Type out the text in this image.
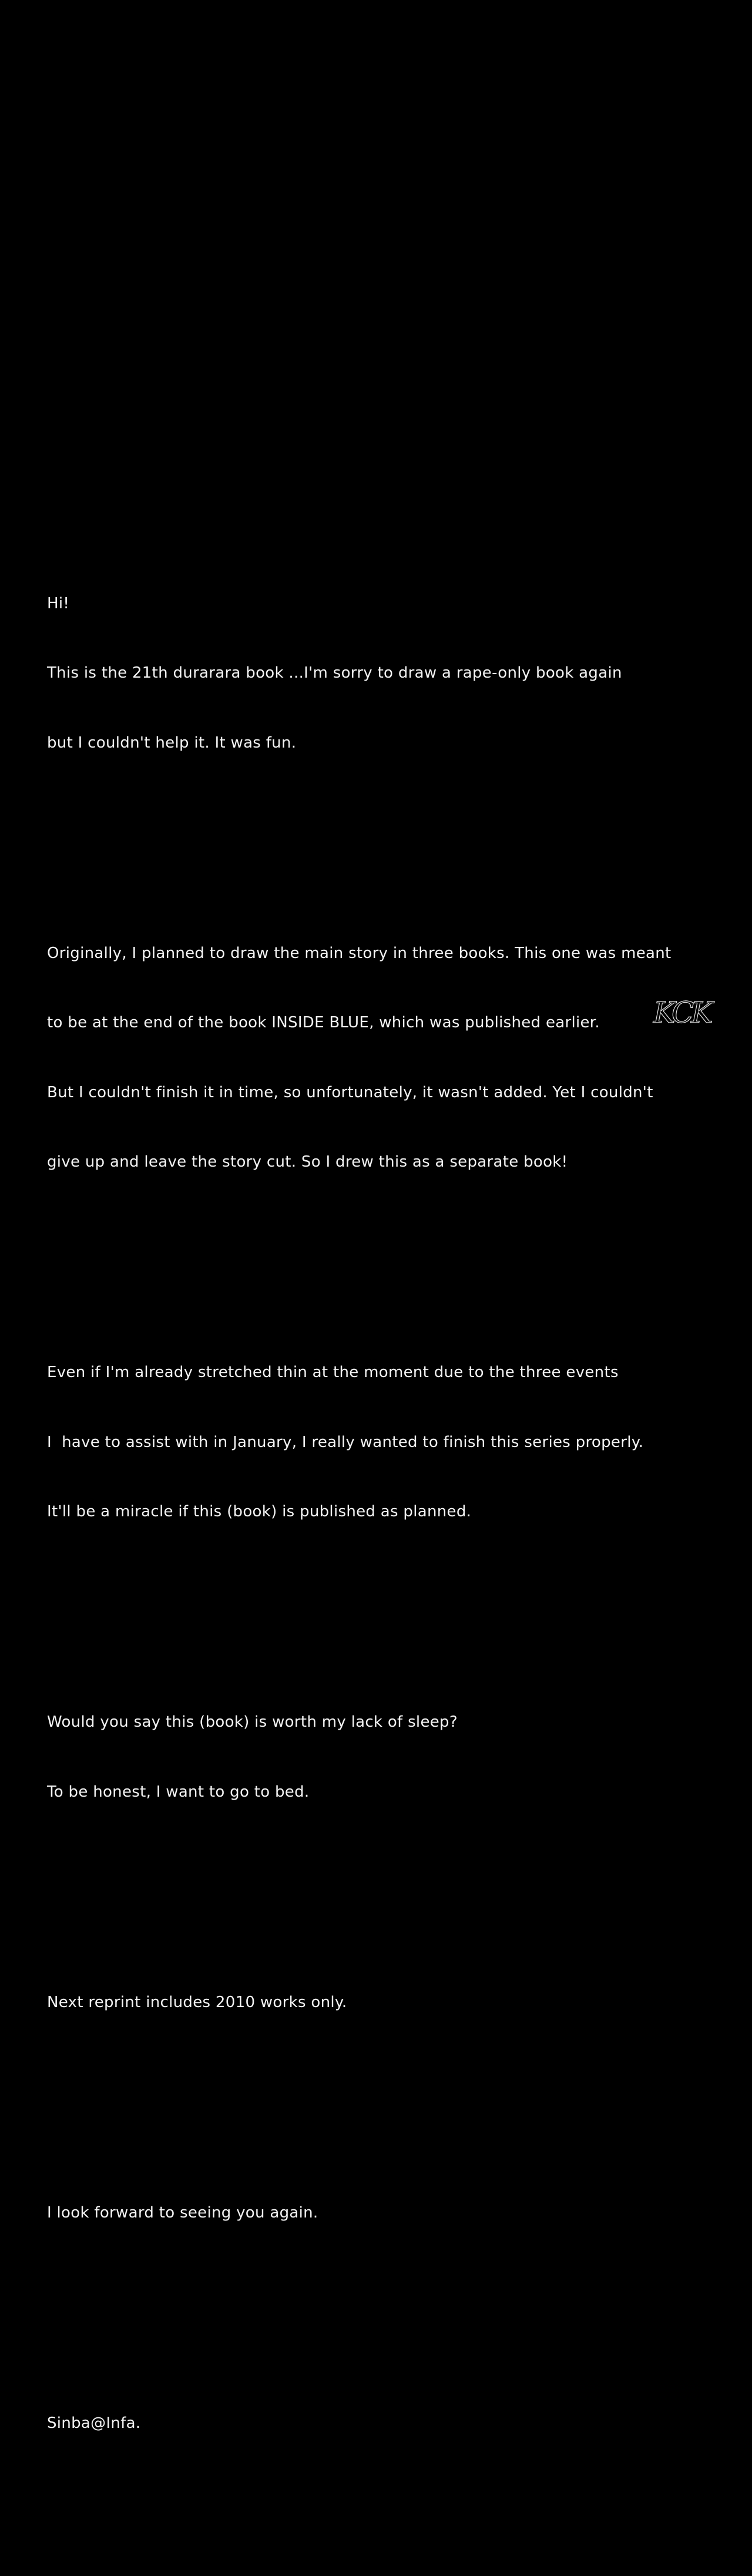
Hi!

This is the 21th durarara book ...I'm sorry to draw a rape-only book again

but I couldn't help it. It was fun.

Originally, I planned to draw the main story in three books. This one was meant

to be at the end of the book INSIDE BLUE, which was published earlier.

But I couldn't finish it in time, so unfortunately, it wasn't added. Yet I couldn't

give up and leave the story cut. So I drew this as a separate book!

Even if I'm already stretched thin at the moment due to the three events

I  have to assist with in January, I really wanted to finish this series properly.

It'll be a miracle if this (book) is published as planned.

Would you say this (book) is worth my lack of sleep?

To be honest, I want to go to bed.

Next reprint includes 2010 works only.

I look forward to seeing you again.

Sinba@Infa.

KCK
